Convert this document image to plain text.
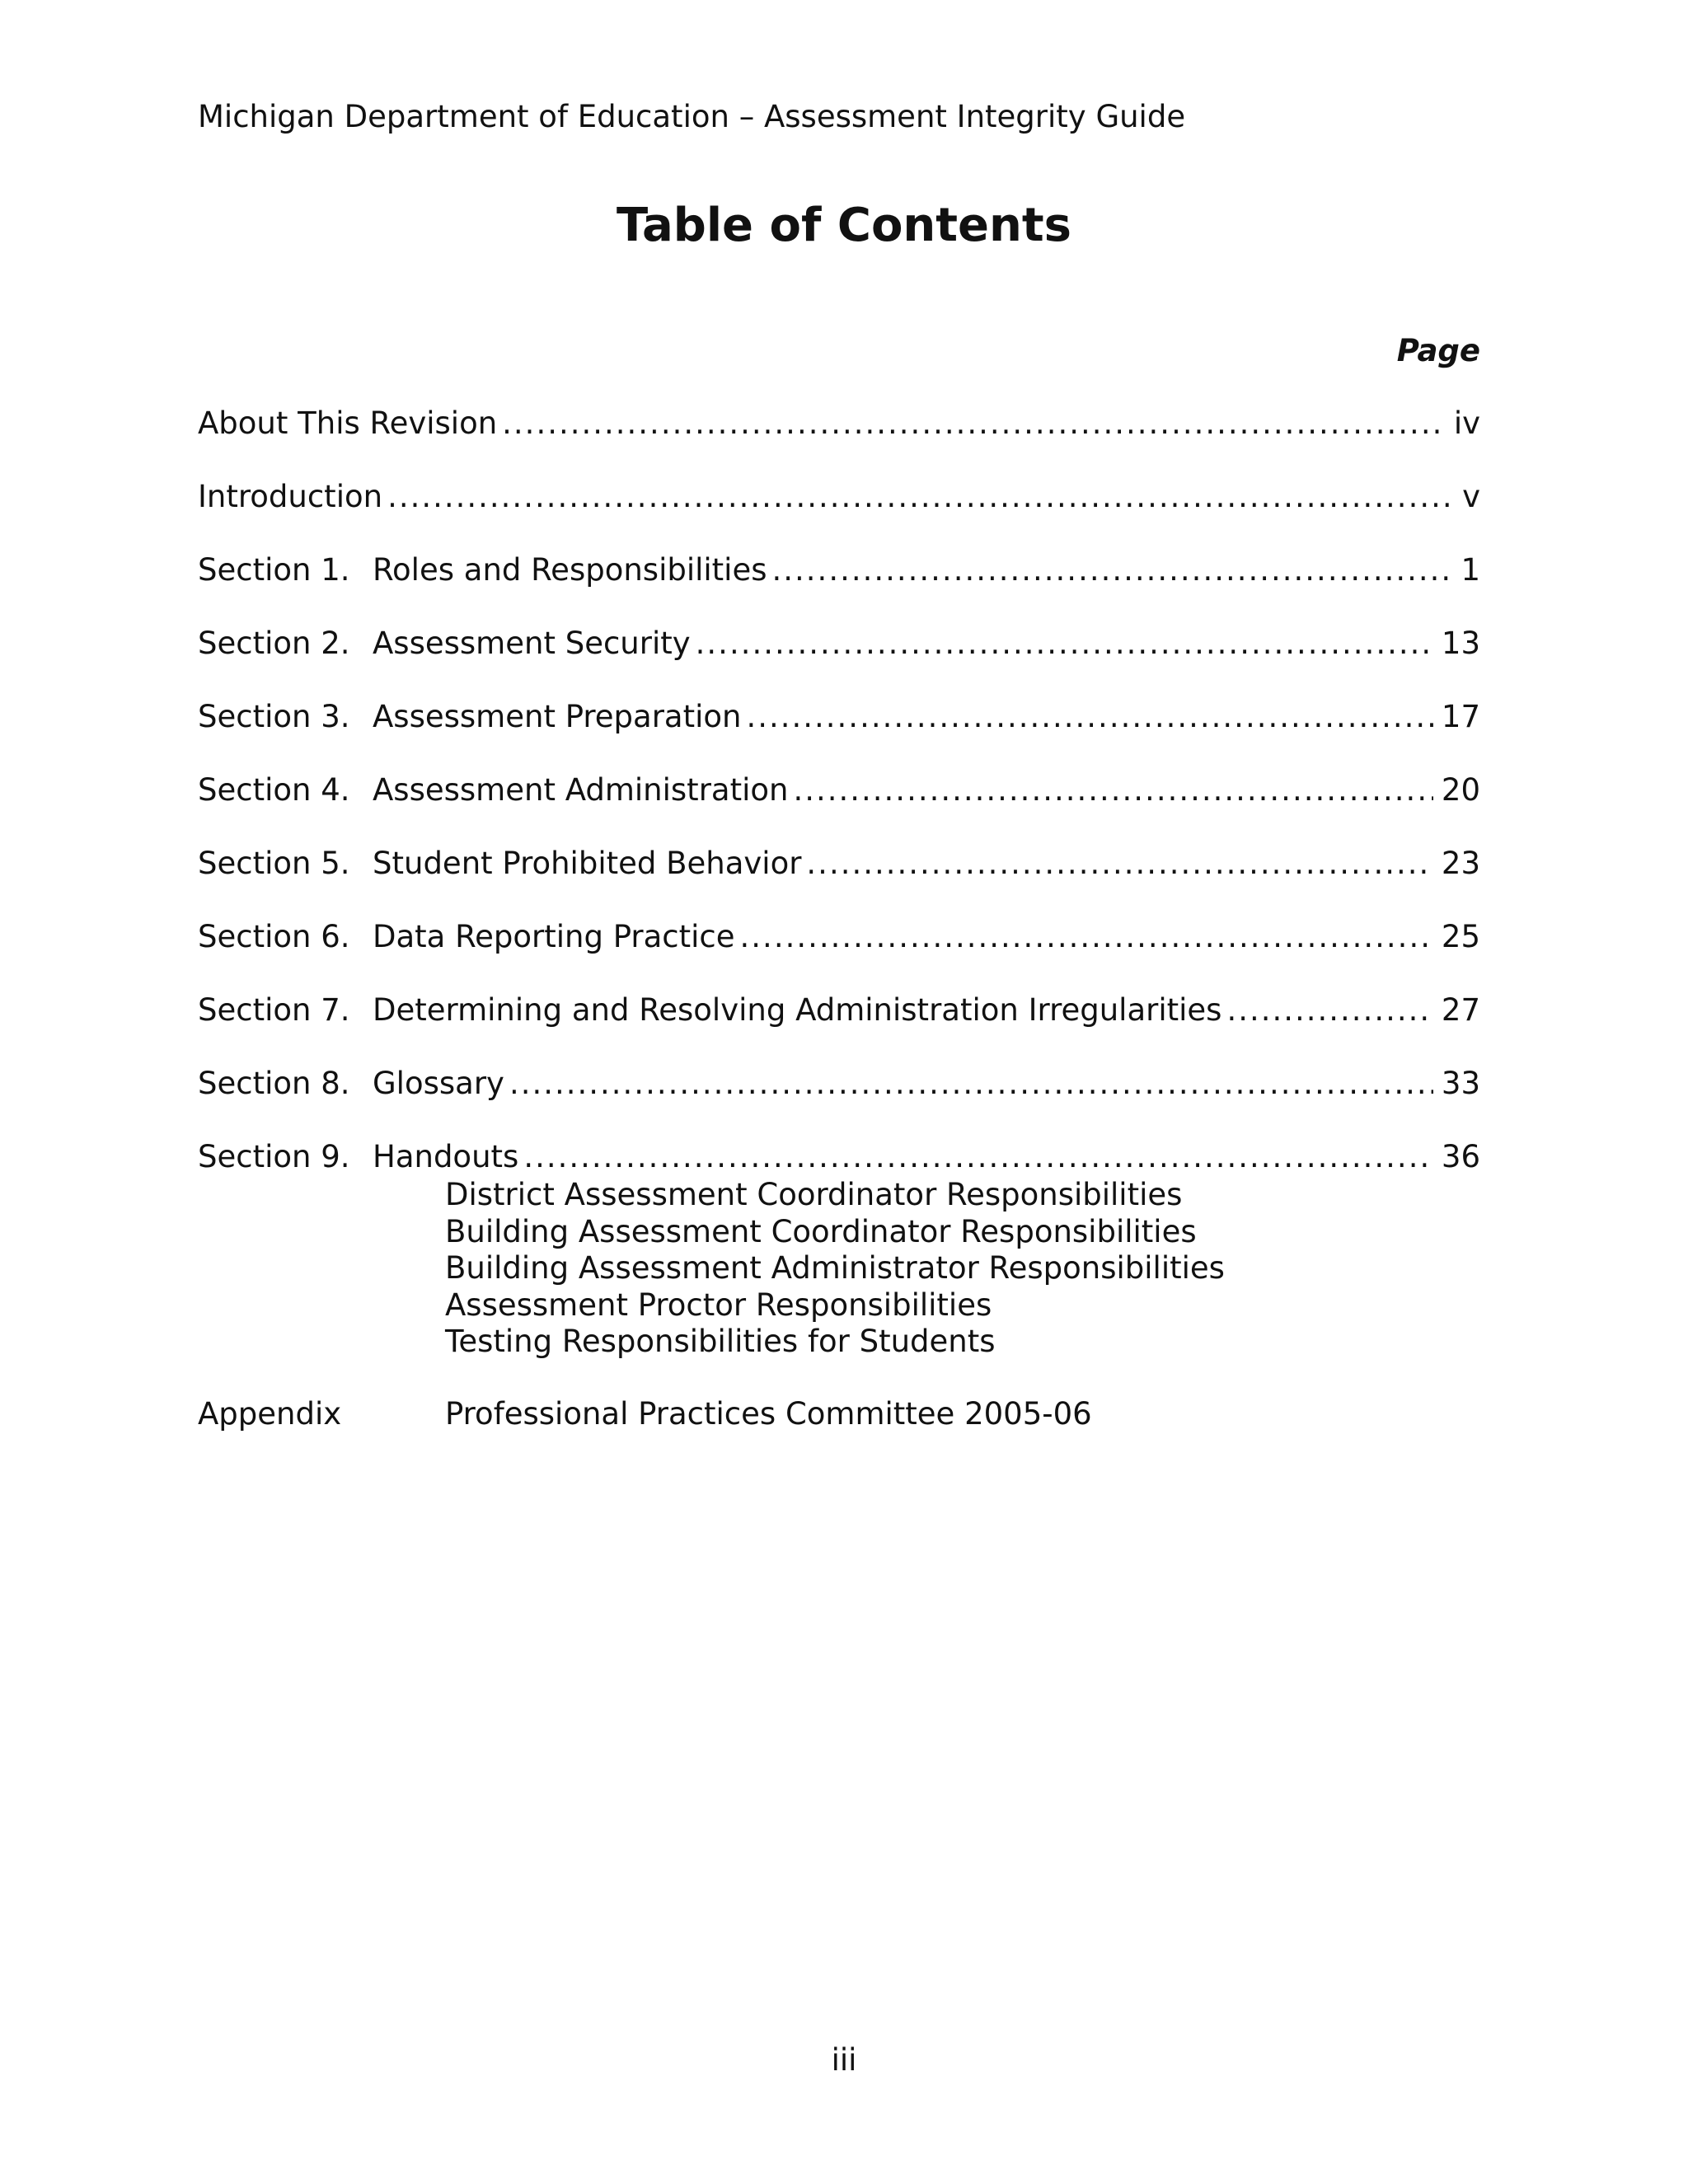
Michigan Department of Education – Assessment Integrity Guide
Table of Contents
Page
About This Revision .....	iv
Introduction .....	v
Section 1. Roles and Responsibilities .....	1
Section 2. Assessment Security .....	13
Section 3. Assessment Preparation .....	17
Section 4. Assessment Administration .....	20
Section 5. Student Prohibited Behavior .....	23
Section 6. Data Reporting Practice .....	25
Section 7. Determining and Resolving Administration Irregularities .....	27
Section 8. Glossary .....	33
Section 9. Handouts .....	36
District Assessment Coordinator Responsibilities
Building Assessment Coordinator Responsibilities
Building Assessment Administrator Responsibilities
Assessment Proctor Responsibilities
Testing Responsibilities for Students
Appendix	Professional Practices Committee 2005-06
iii
